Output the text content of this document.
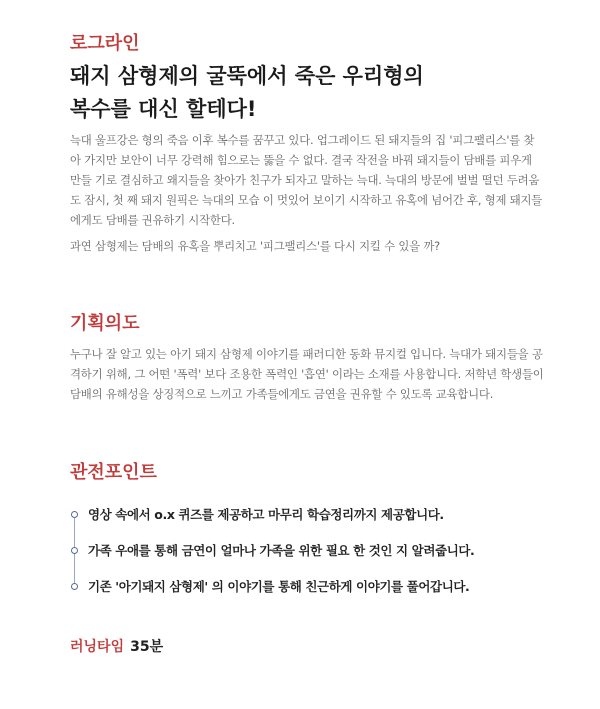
로그라인
돼지 삼형제의 굴뚝에서 죽은 우리형의
복수를 대신 할테다!

늑대 울프강은 형의 죽음 이후 복수를 꿈꾸고 있다. 업그레이드 된 돼지들의 집 '피그팰리스'를 찾아 가지만 보안이 너무 강력해 힘으로는 뚫을 수 없다. 결국 작전을 바꿔 돼지들이 담배를 피우게 만들 기로 결심하고 왜지들을 찾아가 친구가 되자고 말하는 늑대. 늑대의 방문에 벌벌 떨던 두려움도 잠시, 첫 째 돼지 원픽은 늑대의 모습 이 멋있어 보이기 시작하고 유혹에 넘어간 후, 형제 돼지들에게도 담배를 권유하기 시작한다.

과연 삼형제는 담배의 유혹을 뿌리치고 '피그팰리스'를 다시 지킬 수 있을 까?

기획의도

누구나 잘 알고 있는 아기 돼지 삼형제 이야기를 패러디한 동화 뮤지컬 입니다. 늑대가 돼지들을 공격하기 위해, 그 어떤 '폭력' 보다 조용한 폭력인 '흡연' 이라는 소재를 사용합니다. 저학년 학생들이 담배의 유해성을 상징적으로 느끼고 가족들에게도 금연을 권유할 수 있도록 교육합니다.

관전포인트
영상 속에서 o.x 퀴즈를 제공하고 마무리 학습정리까지 제공합니다.
가족 우애를 통해 금연이 얼마나 가족을 위한 필요 한 것인 지 알려줍니다.
기존 '아기돼지 삼형제' 의 이야기를 통해 친근하게 이야기를 풀어갑니다.

러닝타임 35분
